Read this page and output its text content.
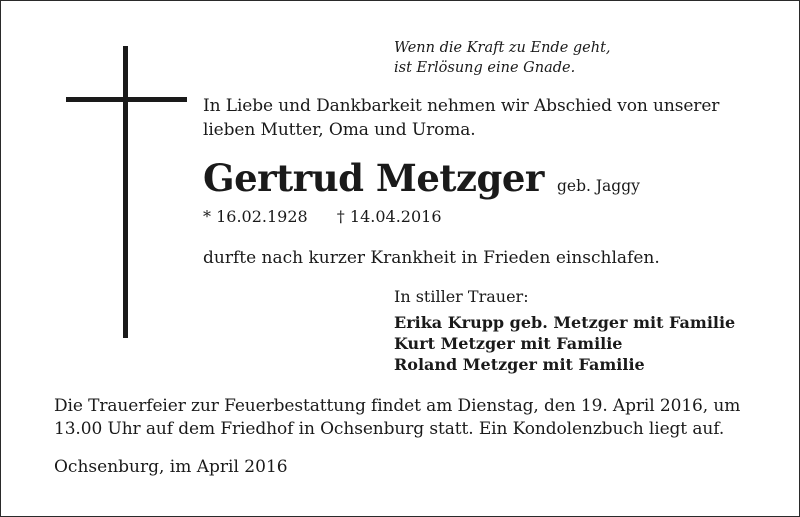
Wenn die Kraft zu Ende geht,
ist Erlösung eine Gnade.
In Liebe und Dankbarkeit nehmen wir Abschied von unserer
lieben Mutter, Oma und Uroma.
Gertrud Metzger geb. Jaggy
* 16.02.1928 † 14.04.2016
durfte nach kurzer Krankheit in Frieden einschlafen.
In stiller Trauer:
Erika Krupp geb. Metzger mit Familie
Kurt Metzger mit Familie
Roland Metzger mit Familie
Die Trauerfeier zur Feuerbestattung findet am Dienstag, den 19. April 2016, um
13.00 Uhr auf dem Friedhof in Ochsenburg statt. Ein Kondolenzbuch liegt auf.
Ochsenburg, im April 2016
